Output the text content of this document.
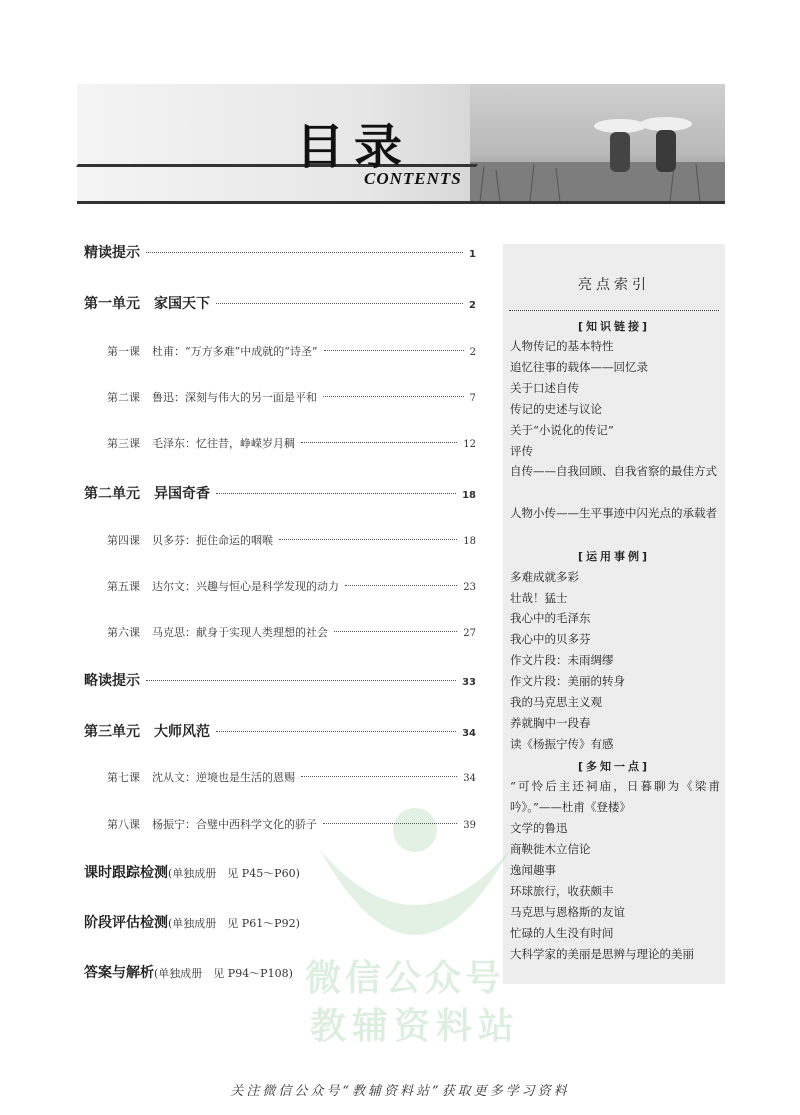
目录
CONTENTS
精读提示	1
第一单元 家国天下	2
第一课 杜甫：“万方多难”中成就的“诗圣”	2
第二课 鲁迅：深刻与伟大的另一面是平和	7
第三课 毛泽东：忆往昔，峥嵘岁月稠	12
第二单元 异国奇香	18
第四课 贝多芬：扼住命运的咽喉	18
第五课 达尔文：兴趣与恒心是科学发现的动力	23
第六课 马克思：献身于实现人类理想的社会	27
略读提示	33
第三单元 大师风范	34
第七课 沈从文：逆境也是生活的恩赐	34
第八课 杨振宁：合璧中西科学文化的骄子	39
课时跟踪检测(单独成册　见 P45～P60)
阶段评估检测(单独成册　见 P61～P92)
答案与解析(单独成册　见 P94～P108)
亮点索引
[知识链接]
人物传记的基本特性
追忆往事的载体——回忆录
关于口述自传
传记的史述与议论
关于“小说化的传记”
评传
自传——自我回顾、自我省察的最佳方式
人物小传——生平事迹中闪光点的承载者
[运用事例]
多难成就多彩
壮哉！猛士
我心中的毛泽东
我心中的贝多芬
作文片段：未雨绸缪
作文片段：美丽的转身
我的马克思主义观
养就胸中一段春
读《杨振宁传》有感
[多知一点]
“可怜后主还祠庙，日暮聊为《梁甫吟》。”——杜甫《登楼》
文学的鲁迅
商鞅徙木立信论
逸闻趣事
环球旅行，收获颇丰
马克思与恩格斯的友谊
忙碌的人生没有时间
大科学家的美丽是思辨与理论的美丽
微信公众号
教辅资料站
关注微信公众号“教辅资料站”获取更多学习资料
